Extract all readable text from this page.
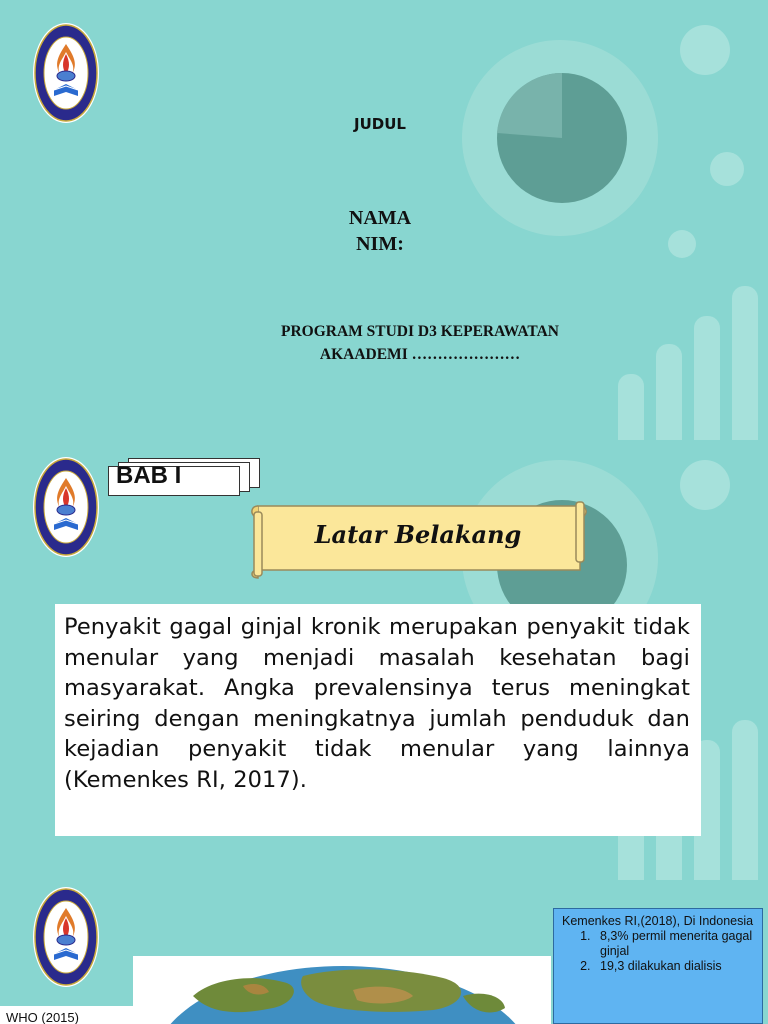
JUDUL
NAMA
NIM:
PROGRAM STUDI D3 KEPERAWATAN
AKAADEMI …………………
BAB I
Latar Belakang
Penyakit gagal ginjal kronik merupakan penyakit tidak menular yang menjadi masalah kesehatan bagi masyarakat. Angka prevalensinya terus meningkat seiring dengan meningkatnya jumlah penduduk dan kejadian penyakit tidak menular yang lainnya (Kemenkes RI, 2017).
Kemenkes RI,(2018), Di Indonesia
1. 8,3% permil menerita gagal ginjal
2. 19,3 dilakukan dialisis
WHO (2015)
